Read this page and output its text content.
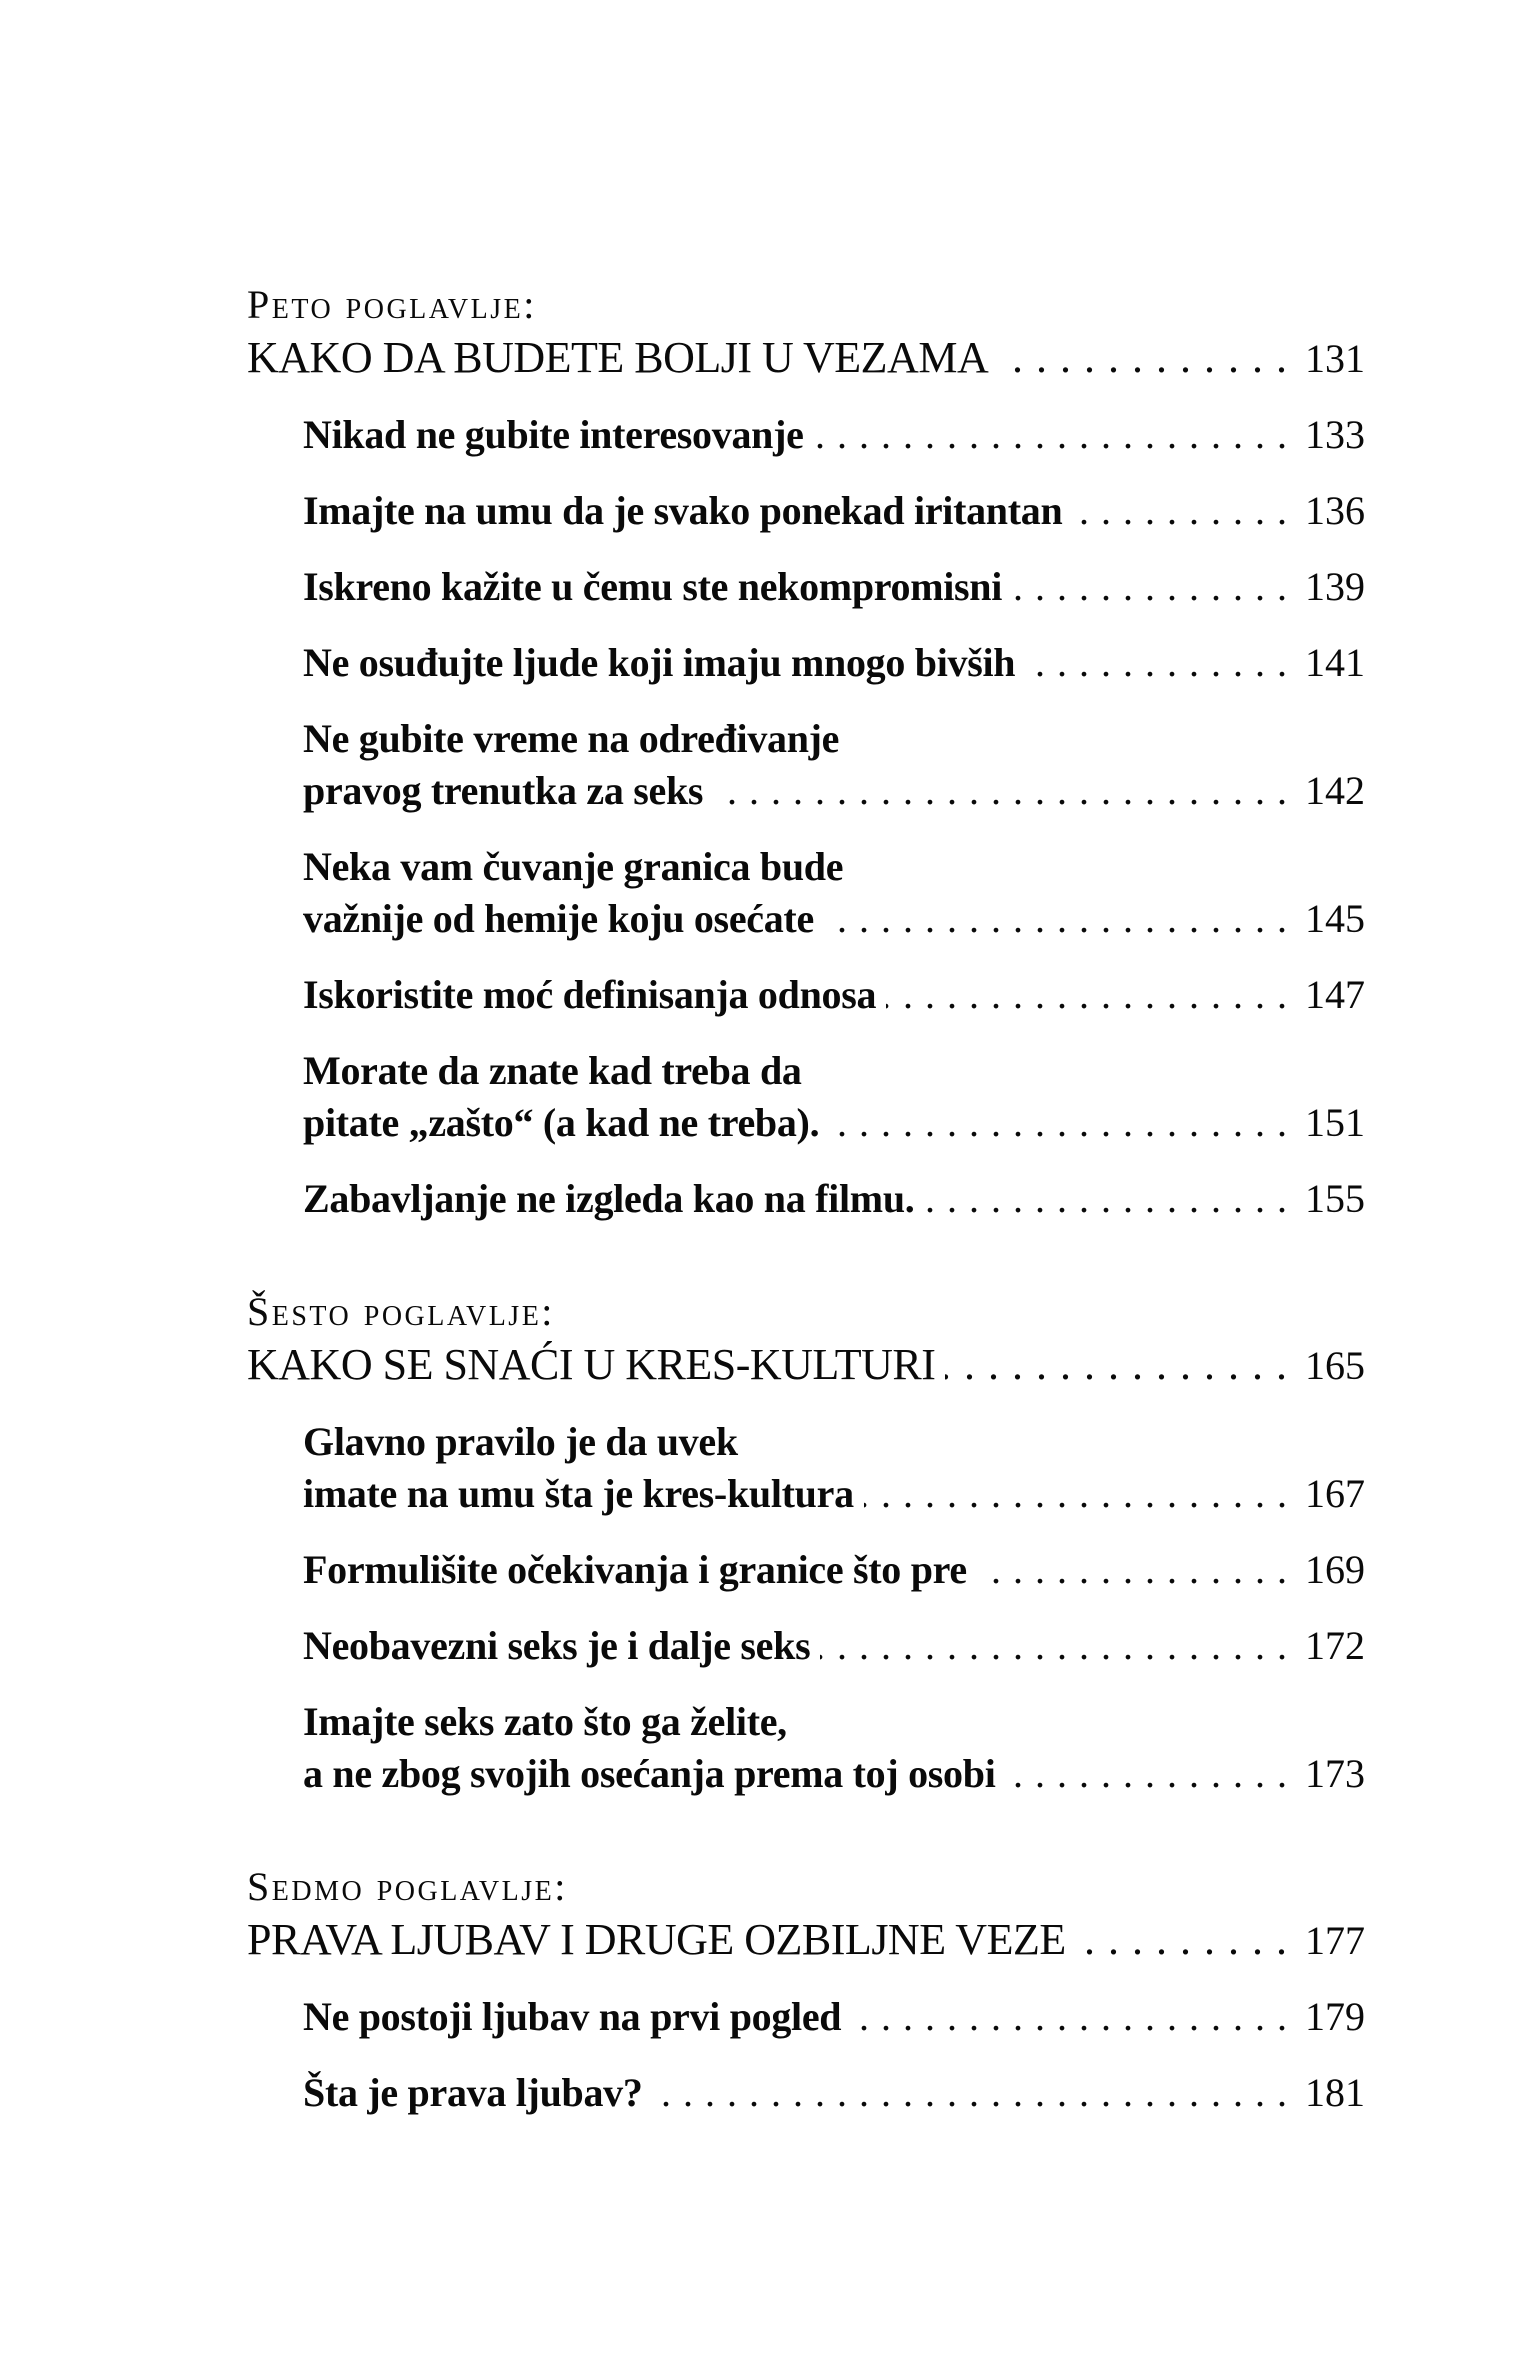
Peto poglavlje:
KAKO DA BUDETE BOLJI U VEZAMA . . .	131
Nikad ne gubite interesovanje . . .	133
Imajte na umu da je svako ponekad iritantan . . .	136
Iskreno kažite u čemu ste nekompromisni . . .	139
Ne osuđujte ljude koji imaju mnogo bivših . . .	141
Ne gubite vreme na određivanje
pravog trenutka za seks . . .	142
Neka vam čuvanje granica bude
važnije od hemije koju osećate . . .	145
Iskoristite moć definisanja odnosa . . .	147
Morate da znate kad treba da
pitate „zašto“ (a kad ne treba). . . .	151
Zabavljanje ne izgleda kao na filmu. . . .	155
Šesto poglavlje:
KAKO SE SNAĆI U KRES-KULTURI . . .	165
Glavno pravilo je da uvek
imate na umu šta je kres-kultura . . .	167
Formulišite očekivanja i granice što pre . . .	169
Neobavezni seks je i dalje seks . . .	172
Imajte seks zato što ga želite,
a ne zbog svojih osećanja prema toj osobi . . .	173
Sedmo poglavlje:
PRAVA LJUBAV I DRUGE OZBILJNE VEZE . . .	177
Ne postoji ljubav na prvi pogled . . .	179
Šta je prava ljubav? . . .	181
